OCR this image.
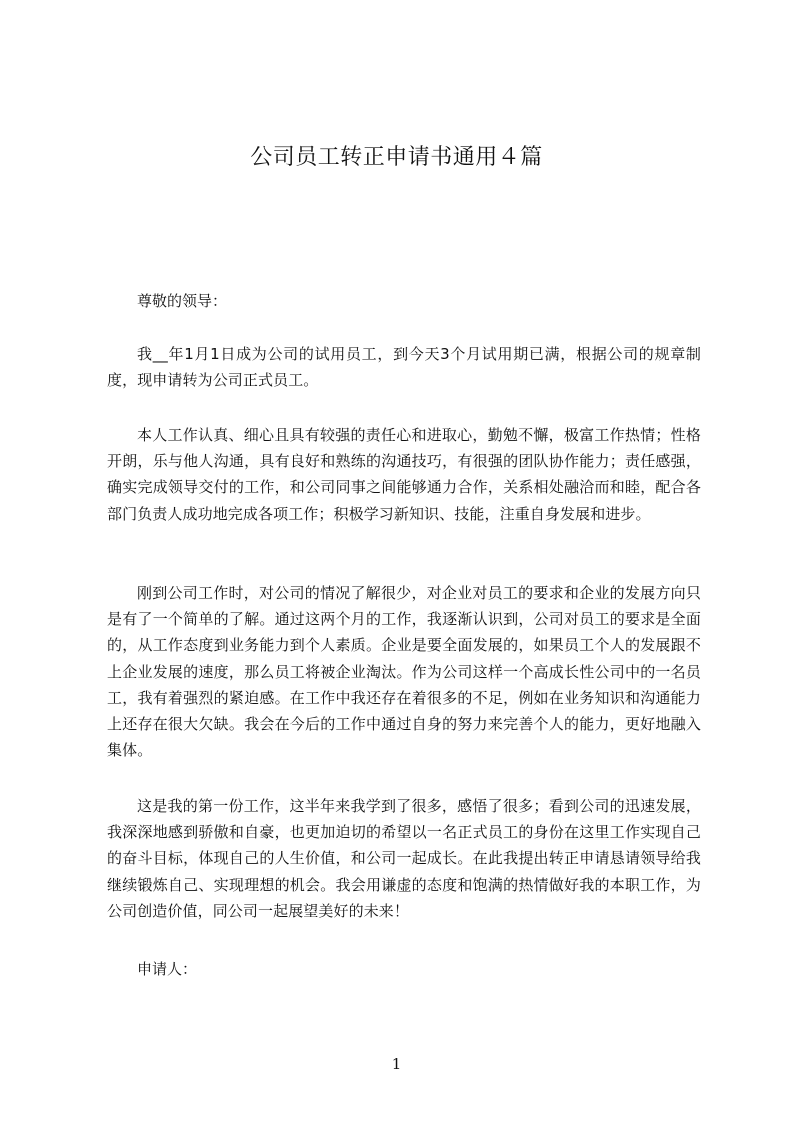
公司员工转正申请书通用４篇
尊敬的领导：

我__年1月1日成为公司的试用员工，到今天3个月试用期已满，根据公司的规章制度，现申请转为公司正式员工。

本人工作认真、细心且具有较强的责任心和进取心，勤勉不懈，极富工作热情；性格开朗，乐与他人沟通，具有良好和熟练的沟通技巧，有很强的团队协作能力；责任感强，确实完成领导交付的工作，和公司同事之间能够通力合作，关系相处融洽而和睦，配合各部门负责人成功地完成各项工作；积极学习新知识、技能，注重自身发展和进步。

刚到公司工作时，对公司的情况了解很少，对企业对员工的要求和企业的发展方向只是有了一个简单的了解。通过这两个月的工作，我逐渐认识到，公司对员工的要求是全面的，从工作态度到业务能力到个人素质。企业是要全面发展的，如果员工个人的发展跟不上企业发展的速度，那么员工将被企业淘汰。作为公司这样一个高成长性公司中的一名员工，我有着强烈的紧迫感。在工作中我还存在着很多的不足，例如在业务知识和沟通能力上还存在很大欠缺。我会在今后的工作中通过自身的努力来完善个人的能力，更好地融入集体。

这是我的第一份工作，这半年来我学到了很多，感悟了很多；看到公司的迅速发展，我深深地感到骄傲和自豪，也更加迫切的希望以一名正式员工的身份在这里工作实现自己的奋斗目标，体现自己的人生价值，和公司一起成长。在此我提出转正申请恳请领导给我继续锻炼自己、实现理想的机会。我会用谦虚的态度和饱满的热情做好我的本职工作，为公司创造价值，同公司一起展望美好的未来！

申请人：
1
